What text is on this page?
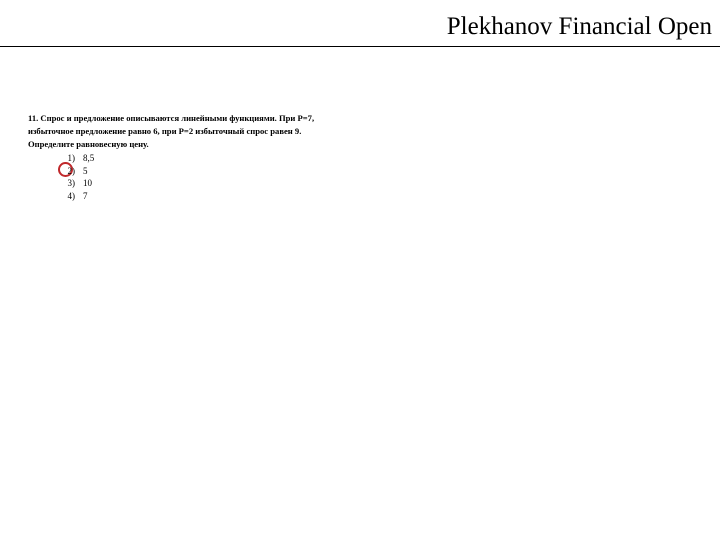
Plekhanov Financial Open

11. Спрос и предложение описываются линейными функциями. При Р=7, избыточное предложение равно 6, при Р=2 избыточный спрос равен 9. Определите равновесную цену.

1) 8,5
2) 5
3) 10
4) 7
